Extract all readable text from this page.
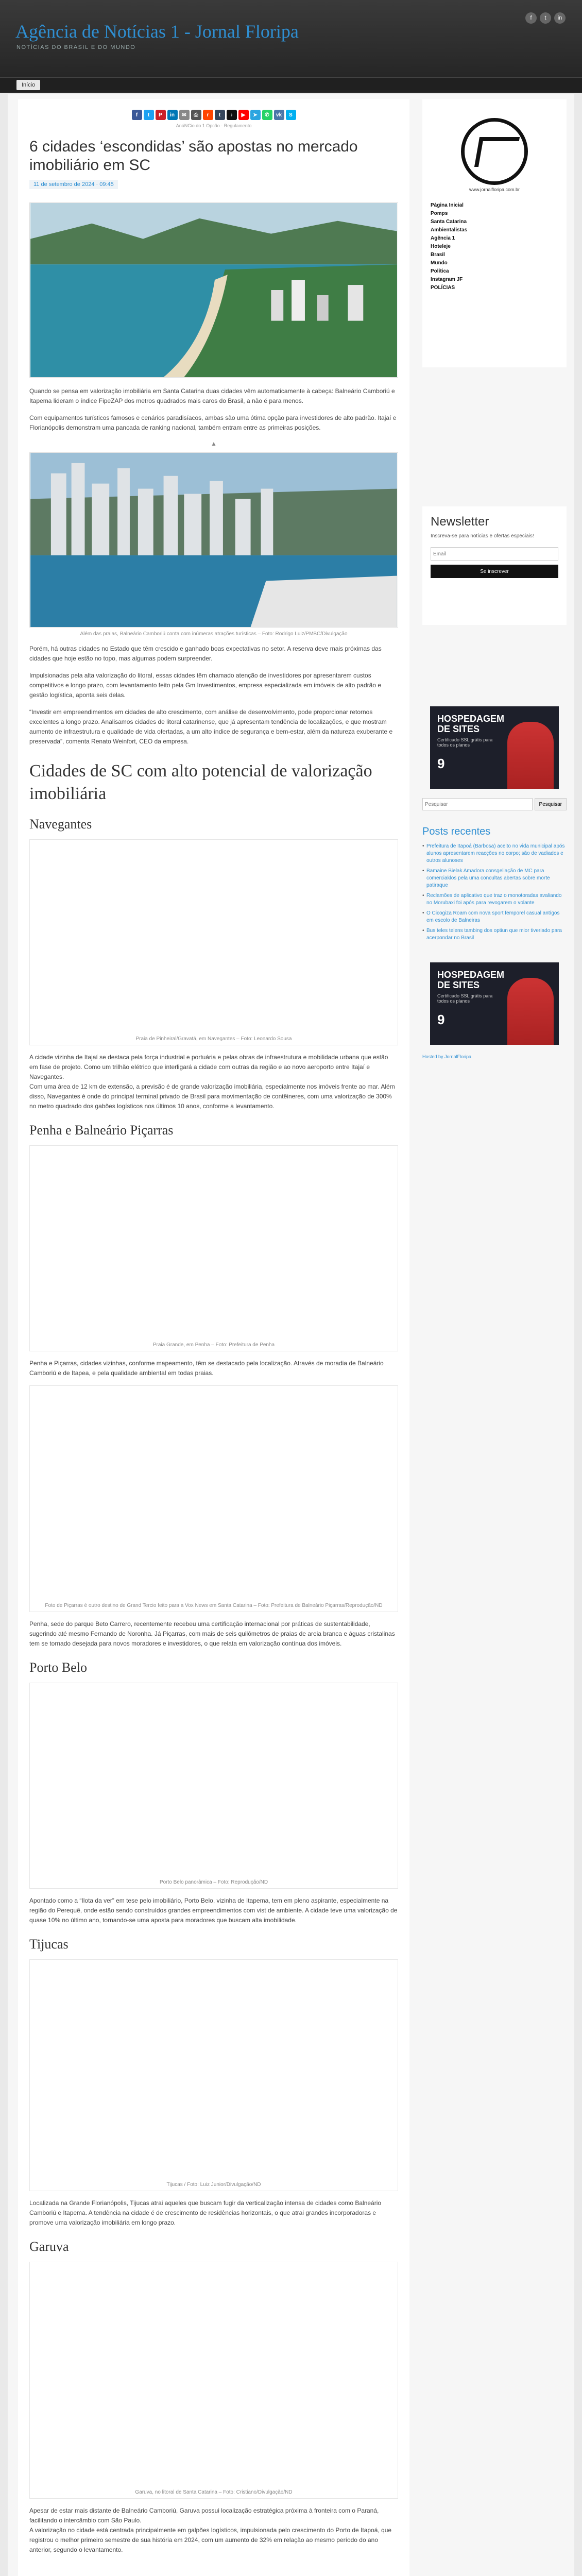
Agência de Notícias 1 - Jornal Floripa
NOTÍCIAS DO BRASIL E DO MUNDO
f	t	in
Início
f	t	P	in	✉	⎙	r	t	♪	▶	➤	✆	vk	S
AnúNCio do 1 Opcão · Regulamento
6 cidades ‘escondidas’ são apostas no mercado imobiliário em SC
11 de setembro de 2024 · 09:45
Quando se pensa em valorização imobiliária em Santa Catarina duas cidades vêm automaticamente à cabeça: Balneário Camboriú e Itapema lideram o índice FipeZAP dos metros quadrados mais caros do Brasil, a não é para menos.
Com equipamentos turísticos famosos e cenários paradisíacos, ambas são uma ótima opção para investidores de alto padrão. Itajaí e Florianópolis demonstram uma pancada de ranking nacional, também entram entre as primeiras posições.
▲
Além das praias, Balneário Camboriú conta com inúmeras atrações turísticas – Foto: Rodrigo Luiz/PMBC/Divulgação
Porém, há outras cidades no Estado que têm crescido e ganhado boas expectativas no setor. A reserva deve mais próximas das cidades que hoje estão no topo, mas algumas podem surpreender.
Impulsionadas pela alta valorização do litoral, essas cidades têm chamado atenção de investidores por apresentarem custos competitivos e longo prazo, com levantamento feito pela Gm Investimentos, empresa especializada em imóveis de alto padrão e gestão logística, aponta seis delas.
“Investir em empreendimentos em cidades de alto crescimento, com análise de desenvolvimento, pode proporcionar retornos excelentes a longo prazo. Analisamos cidades de litoral catarinense, que já apresentam tendência de localizações, e que mostram aumento de infraestrutura e qualidade de vida ofertadas, a um alto índice de segurança e bem-estar, além da natureza exuberante e preservada”, comenta Renato Weinfort, CEO da empresa.
Cidades de SC com alto potencial de valorização imobiliária
Navegantes
Praia de Pinheiral/Gravatá, em Navegantes – Foto: Leonardo Sousa
A cidade vizinha de Itajaí se destaca pela força industrial e portuária e pelas obras de infraestrutura e mobilidade urbana que estão em fase de projeto. Como um trilhão elétrico que interligará a cidade com outras da região e ao novo aeroporto entre Itajaí e Navegantes.
Com uma área de 12 km de extensão, a previsão é de grande valorização imobiliária, especialmente nos imóveis frente ao mar. Além disso, Navegantes é onde do principal terminal privado de Brasil para movimentação de contêineres, com uma valorização de 300% no metro quadrado dos gabões logísticos nos últimos 10 anos, conforme a levantamento.
Penha e Balneário Piçarras
Praia Grande, em Penha – Foto: Prefeitura de Penha
Penha e Piçarras, cidades vizinhas, conforme mapeamento, têm se destacado pela localização. Através de moradia de Balneário Camboriú e de Itapea, e pela qualidade ambiental em todas praias.
Foto de Piçarras é outro destino de Grand Tercio feito para a Vox News em Santa Catarina – Foto: Prefeitura de Balneário Piçarras/Reprodução/ND
Penha, sede do parque Beto Carrero, recentemente recebeu uma certificação internacional por práticas de sustentabilidade, sugerindo até mesmo Fernando de Noronha. Já Piçarras, com mais de seis quilômetros de praias de areia branca e águas cristalinas tem se tornado desejada para novos moradores e investidores, o que relata em valorização contínua dos imóveis.
Porto Belo
Porto Belo panorâmica – Foto: Reprodução/ND
Apontado como a “Ilota da ver” em tese pelo imobiliário, Porto Belo, vizinha de Itapema, tem em pleno aspirante, especialmente na região do Perequê, onde estão sendo construídos grandes empreendimentos com vist de ambiente. A cidade teve uma valorização de quase 10% no último ano, tornando-se uma aposta para moradores que buscam alta imobilidade.
Tijucas
Tijucas / Foto: Luiz Junior/Divulgação/ND
Localizada na Grande Florianópolis, Tijucas atrai aqueles que buscam fugir da verticalização intensa de cidades como Balneário Camboriú e Itapema. A tendência na cidade é de crescimento de residências horizontais, o que atrai grandes incorporadoras e promove uma valorização imobiliária em longo prazo.
Garuva
Garuva, no litoral de Santa Catarina – Foto: Cristiano/Divulgação/ND
Apesar de estar mais distante de Balneário Camboriú, Garuva possui localização estratégica próxima à fronteira com o Paraná, facilitando o intercâmbio com São Paulo.
A valorização no cidade está centrada principalmente em galpões logísticos, impulsionada pelo crescimento do Porto de Itapoá, que registrou o melhor primeiro semestre de sua história em 2024, com um aumento de 32% em relação ao mesmo período do ano anterior, segundo o levantamento.
www.jornalfloripa.com.br
Página Inicial
Pomps
Santa Catarina
Ambientalistas
Agência 1
Hoteleje
Brasil
Mundo
Política
Instagram JF
POLÍCIAS
Newsletter
Inscreva-se para notícias e ofertas especiais!
Email Se inscrever
HOSPEDAGEM DE SITES
Certificado SSL grátis para todos os planos
9
Pesquisar
Pesquisar
Posts recentes
• Prefeitura de Itapoá (Barbosa) aceito no vida municipal após alunos apresentarem reacções no corpo; são de vadiados e outros alunoses
• Bamaine Bielak Amadora consgeliação de MC para comerciaklos pela uma concultas abertas sobre morte patiraque
• Reclamões de aplicativo que traz o monotoradas avaliando no Morubaxi foi após para revogarem o volante
• O Cicogiza Roam com nova sport femporel casual antígos em escolo de Balneiras
• Bus teles telens tambing dos optiun que mior tiveriado para acerpondar no Brasil
HOSPEDAGEM DE SITES
Certificado SSL grátis para todos os planos
9
Hosted by JornalFloripa
